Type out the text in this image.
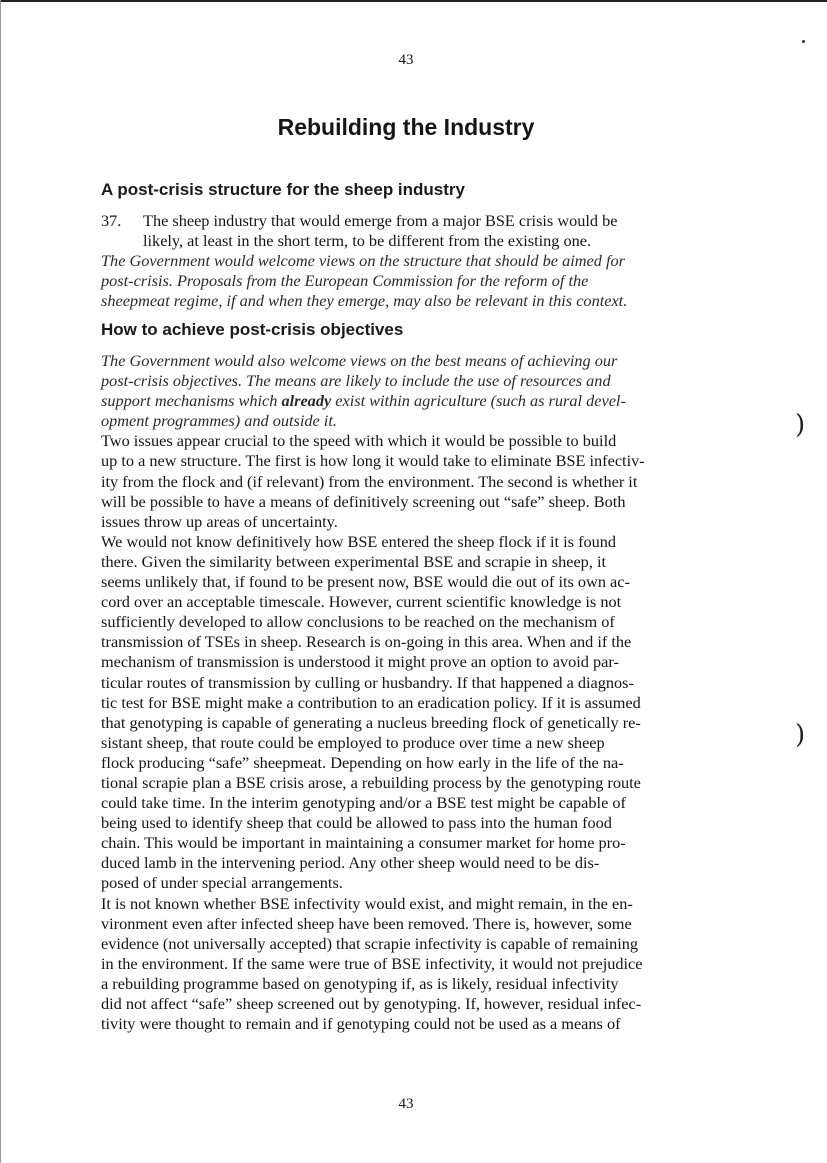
)
)
43
Rebuilding the Industry
A post-crisis structure for the sheep industry
37. The sheep industry that would emerge from a major BSE crisis would be
likely, at least in the short term, to be different from the existing one.
The Government would welcome views on the structure that should be aimed for
post-crisis. Proposals from the European Commission for the reform of the
sheepmeat regime, if and when they emerge, may also be relevant in this context.
How to achieve post-crisis objectives
The Government would also welcome views on the best means of achieving our
post-crisis objectives. The means are likely to include the use of resources and
support mechanisms which already exist within agriculture (such as rural devel-
opment programmes) and outside it.
Two issues appear crucial to the speed with which it would be possible to build
up to a new structure. The first is how long it would take to eliminate BSE infectiv-
ity from the flock and (if relevant) from the environment. The second is whether it
will be possible to have a means of definitively screening out “safe” sheep. Both
issues throw up areas of uncertainty.
We would not know definitively how BSE entered the sheep flock if it is found
there. Given the similarity between experimental BSE and scrapie in sheep, it
seems unlikely that, if found to be present now, BSE would die out of its own ac-
cord over an acceptable timescale. However, current scientific knowledge is not
sufficiently developed to allow conclusions to be reached on the mechanism of
transmission of TSEs in sheep. Research is on-going in this area. When and if the
mechanism of transmission is understood it might prove an option to avoid par-
ticular routes of transmission by culling or husbandry. If that happened a diagnos-
tic test for BSE might make a contribution to an eradication policy. If it is assumed
that genotyping is capable of generating a nucleus breeding flock of genetically re-
sistant sheep, that route could be employed to produce over time a new sheep
flock producing “safe” sheepmeat. Depending on how early in the life of the na-
tional scrapie plan a BSE crisis arose, a rebuilding process by the genotyping route
could take time. In the interim genotyping and/or a BSE test might be capable of
being used to identify sheep that could be allowed to pass into the human food
chain. This would be important in maintaining a consumer market for home pro-
duced lamb in the intervening period. Any other sheep would need to be dis-
posed of under special arrangements.
It is not known whether BSE infectivity would exist, and might remain, in the en-
vironment even after infected sheep have been removed. There is, however, some
evidence (not universally accepted) that scrapie infectivity is capable of remaining
in the environment. If the same were true of BSE infectivity, it would not prejudice
a rebuilding programme based on genotyping if, as is likely, residual infectivity
did not affect “safe” sheep screened out by genotyping. If, however, residual infec-
tivity were thought to remain and if genotyping could not be used as a means of
43
